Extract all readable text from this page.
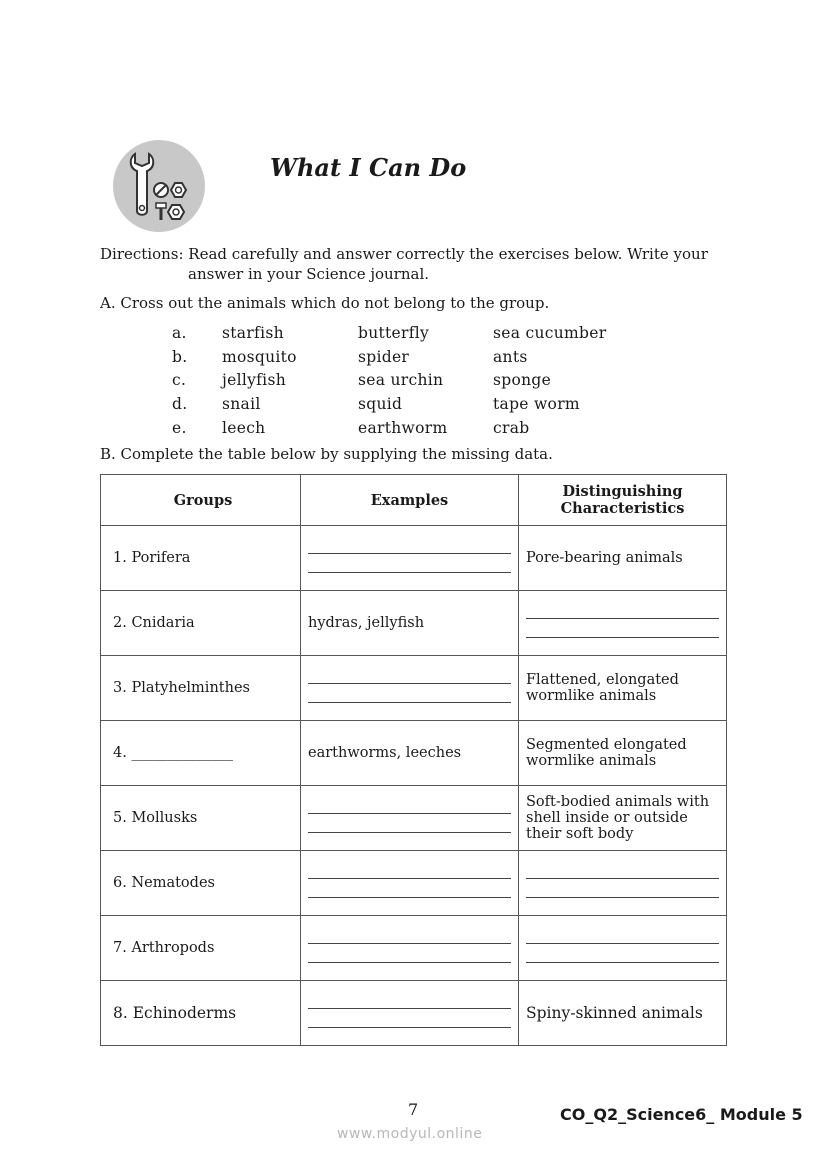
What I Can Do
Directions: Read carefully and answer correctly the exercises below. Write your
answer in your Science journal.
A. Cross out the animals which do not belong to the group.
a. starfish	butterfly	sea cucumber
b. mosquito	spider	ants
c. jellyfish	sea urchin	sponge
d. snail	squid	tape worm
e. leech	earthworm	crab
B. Complete the table below by supplying the missing data.
Groups	Examples	Distinguishing Characteristics
1. Porifera		Pore-bearing animals
2. Cnidaria	hydras, jellyfish	

3. Platyhelminthes		Flattened, elongated wormlike animals
4. ______________	earthworms, leeches	Segmented elongated wormlike animals
5. Mollusks		Soft-bodied animals with shell inside or outside their soft body
6. Nematodes	

7. Arthropods	

8. Echinoderms		Spiny-skinned animals
7	CO_Q2_Science6_ Module 5
www.modyul.online
